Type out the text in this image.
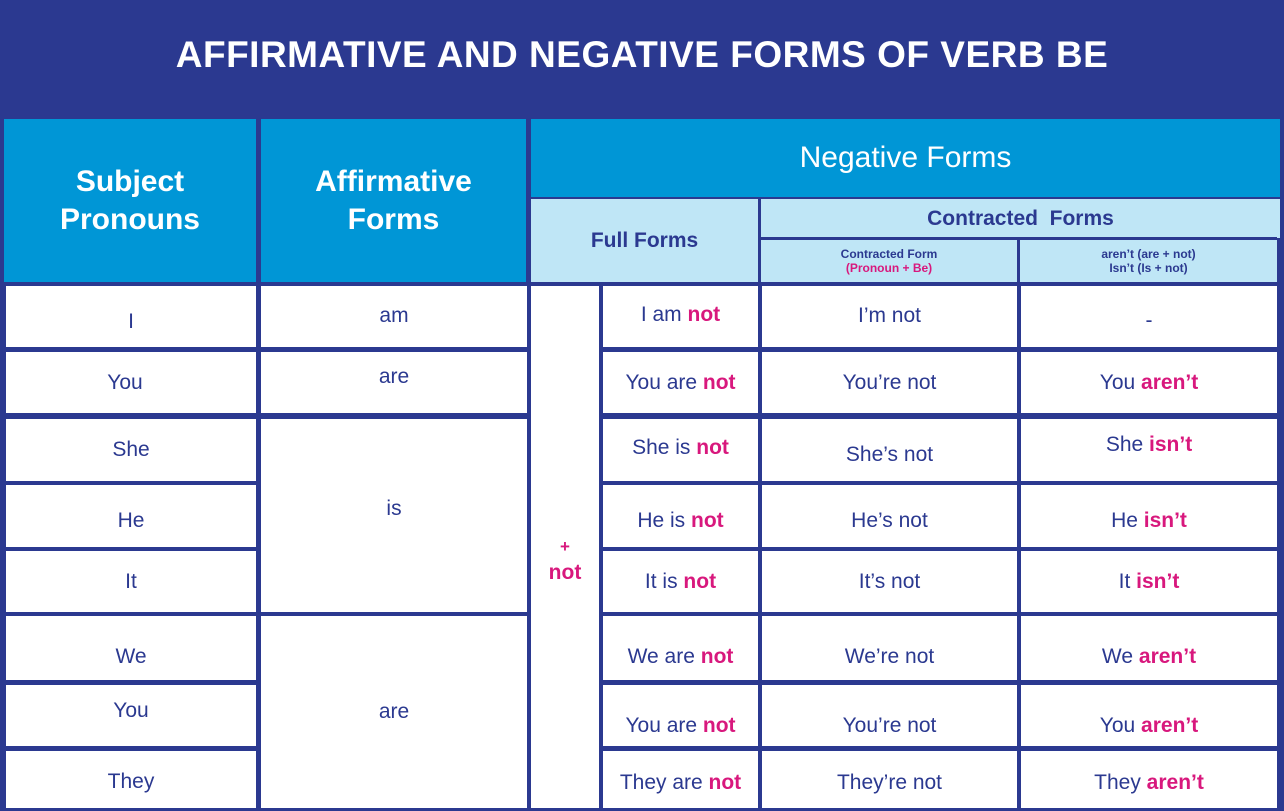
AFFIRMATIVE AND NEGATIVE FORMS OF VERB BE
Subject
Pronouns
Affirmative
Forms
Negative Forms
Full Forms
Contracted  Forms
Contracted Form
(Pronoun + Be)
aren’t (are + not)
Isn’t (Is + not)
I
You
She
He
It
We
You
They
am
are
is
are
+
not
I am not
You are not
She is not
He is not
It is not
We are not
You are not
They are not
I’m not
You’re not
She’s not
He’s not
It’s not
We’re not
You’re not
They’re not
-
You aren’t
She isn’t
He isn’t
It isn’t
We aren’t
You aren’t
They aren’t
